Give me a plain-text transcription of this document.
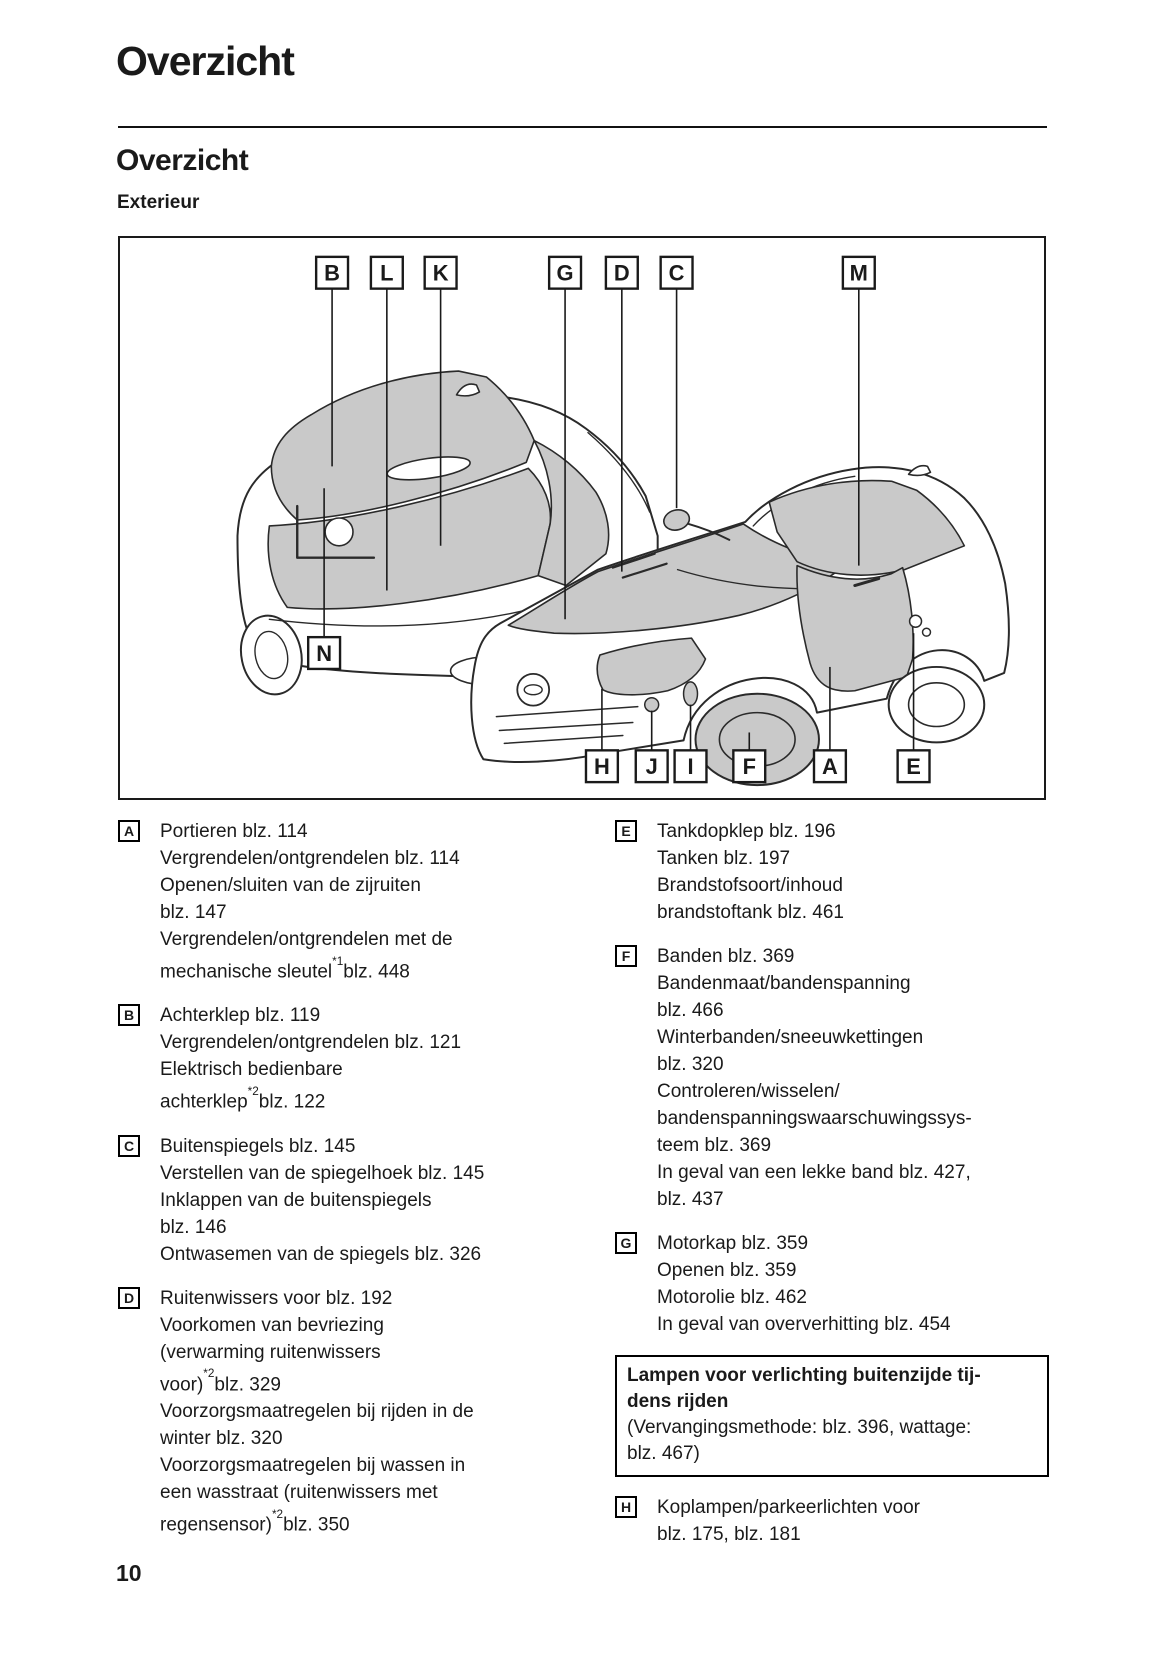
Overzicht
Overzicht
Exterieur
B L K	G D C	M
N
H J I F	A	E
A	Portieren blz. 114
Vergrendelen/ontgrendelen blz. 114
Openen/sluiten van de zijruiten
blz. 147
Vergrendelen/ontgrendelen met de
mechanische sleutel$^{*1}$blz. 448
B	Achterklep blz. 119
Vergrendelen/ontgrendelen blz. 121
Elektrisch bedienbare
achterklep$^{*2}$blz. 122
C	Buitenspiegels blz. 145
Verstellen van de spiegelhoek blz. 145
Inklappen van de buitenspiegels
blz. 146
Ontwasemen van de spiegels blz. 326
D	Ruitenwissers voor blz. 192
Voorkomen van bevriezing
(verwarming ruitenwissers
voor)$^{*2}$blz. 329
Voorzorgsmaatregelen bij rijden in de
winter blz. 320
Voorzorgsmaatregelen bij wassen in
een wasstraat (ruitenwissers met
regensensor)$^{*2}$blz. 350
E	Tankdopklep blz. 196
Tanken blz. 197
Brandstofsoort/inhoud
brandstoftank blz. 461
F	Banden blz. 369
Bandenmaat/bandenspanning
blz. 466
Winterbanden/sneeuwkettingen
blz. 320
Controleren/wisselen/
bandenspanningswaarschuwingssys-
teem blz. 369
In geval van een lekke band blz. 427,
blz. 437
G Motorkap blz. 359
Openen blz. 359
Motorolie blz. 462
In geval van oververhitting blz. 454
Lampen voor verlichting buitenzijde tij-
dens rijden
(Vervangingsmethode: blz. 396, wattage:
blz. 467)
H	Koplampen/parkeerlichten voor
blz. 175, blz. 181
10
